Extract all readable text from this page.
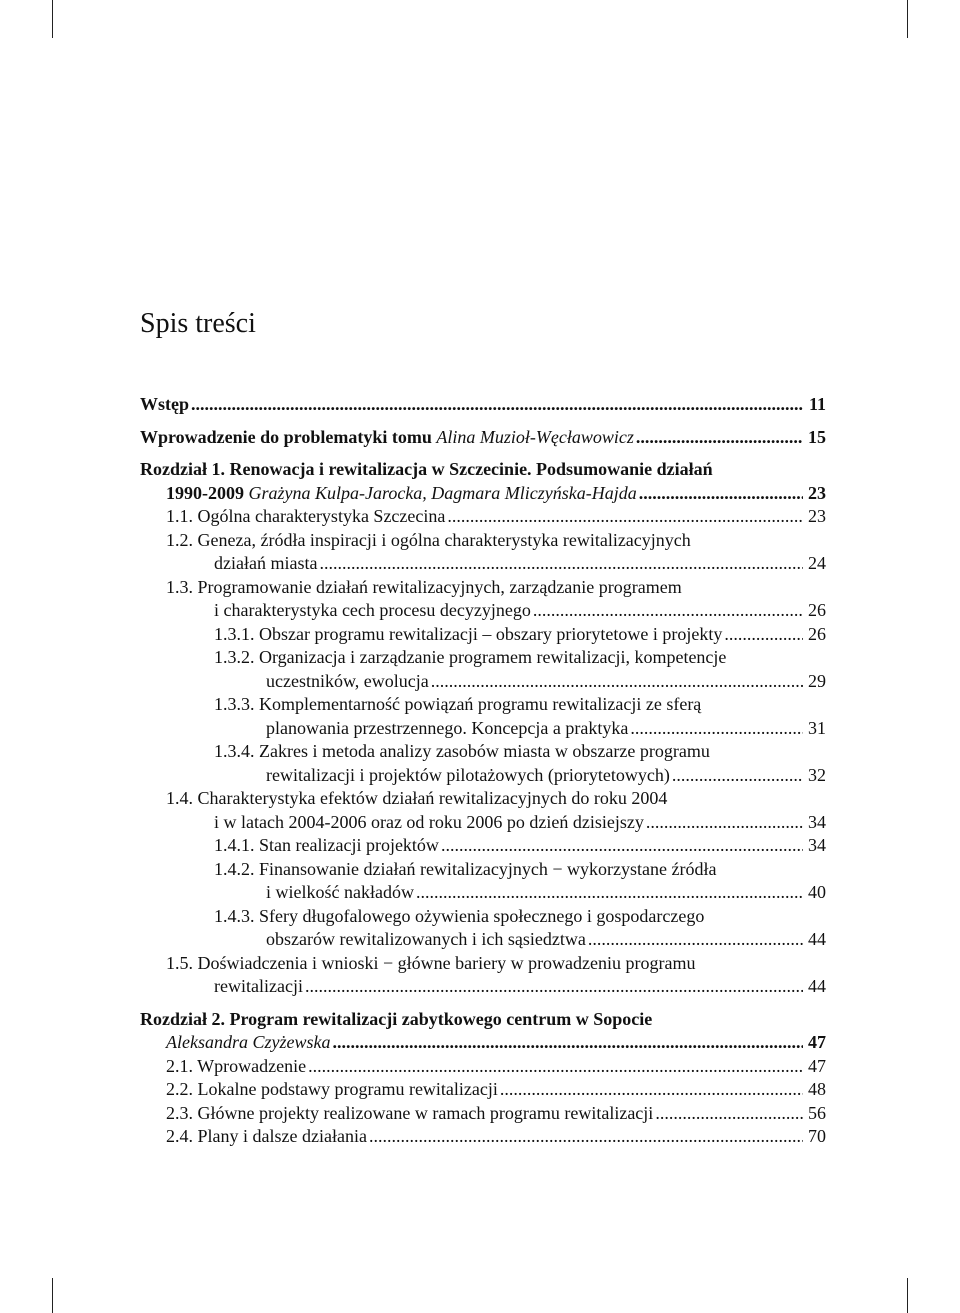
Spis treści
Wstęp .....	11
Wprowadzenie do problematyki tomu Alina Muzioł-Węcławowicz .....	15
Rozdział 1. Renowacja i rewitalizacja w Szczecinie. Podsumowanie działań
1990-2009 Grażyna Kulpa-Jarocka, Dagmara Mliczyńska-Hajda .....	23
1.1. Ogólna charakterystyka Szczecina .....	23
1.2. Geneza, źródła inspiracji i ogólna charakterystyka rewitalizacyjnych
działań miasta .....	24
1.3. Programowanie działań rewitalizacyjnych, zarządzanie programem
i charakterystyka cech procesu decyzyjnego .....	26
1.3.1. Obszar programu rewitalizacji – obszary priorytetowe i projekty .....	26
1.3.2. Organizacja i zarządzanie programem rewitalizacji, kompetencje
uczestników, ewolucja .....	29
1.3.3. Komplementarność powiązań programu rewitalizacji ze sferą
planowania przestrzennego. Koncepcja a praktyka .....	31
1.3.4. Zakres i metoda analizy zasobów miasta w obszarze programu
rewitalizacji i projektów pilotażowych (priorytetowych) .....	32
1.4. Charakterystyka efektów działań rewitalizacyjnych do roku 2004
i w latach 2004-2006 oraz od roku 2006 po dzień dzisiejszy .....	34
1.4.1. Stan realizacji projektów .....	34
1.4.2. Finansowanie działań rewitalizacyjnych − wykorzystane źródła
i wielkość nakładów .....	40
1.4.3. Sfery długofalowego ożywienia społecznego i gospodarczego
obszarów rewitalizowanych i ich sąsiedztwa .....	44
1.5. Doświadczenia i wnioski − główne bariery w prowadzeniu programu
rewitalizacji .....	44
Rozdział 2. Program rewitalizacji zabytkowego centrum w Sopocie
Aleksandra Czyżewska .....	47
2.1. Wprowadzenie .....	47
2.2. Lokalne podstawy programu rewitalizacji .....	48
2.3. Główne projekty realizowane w ramach programu rewitalizacji .....	56
2.4. Plany i dalsze działania .....	70
